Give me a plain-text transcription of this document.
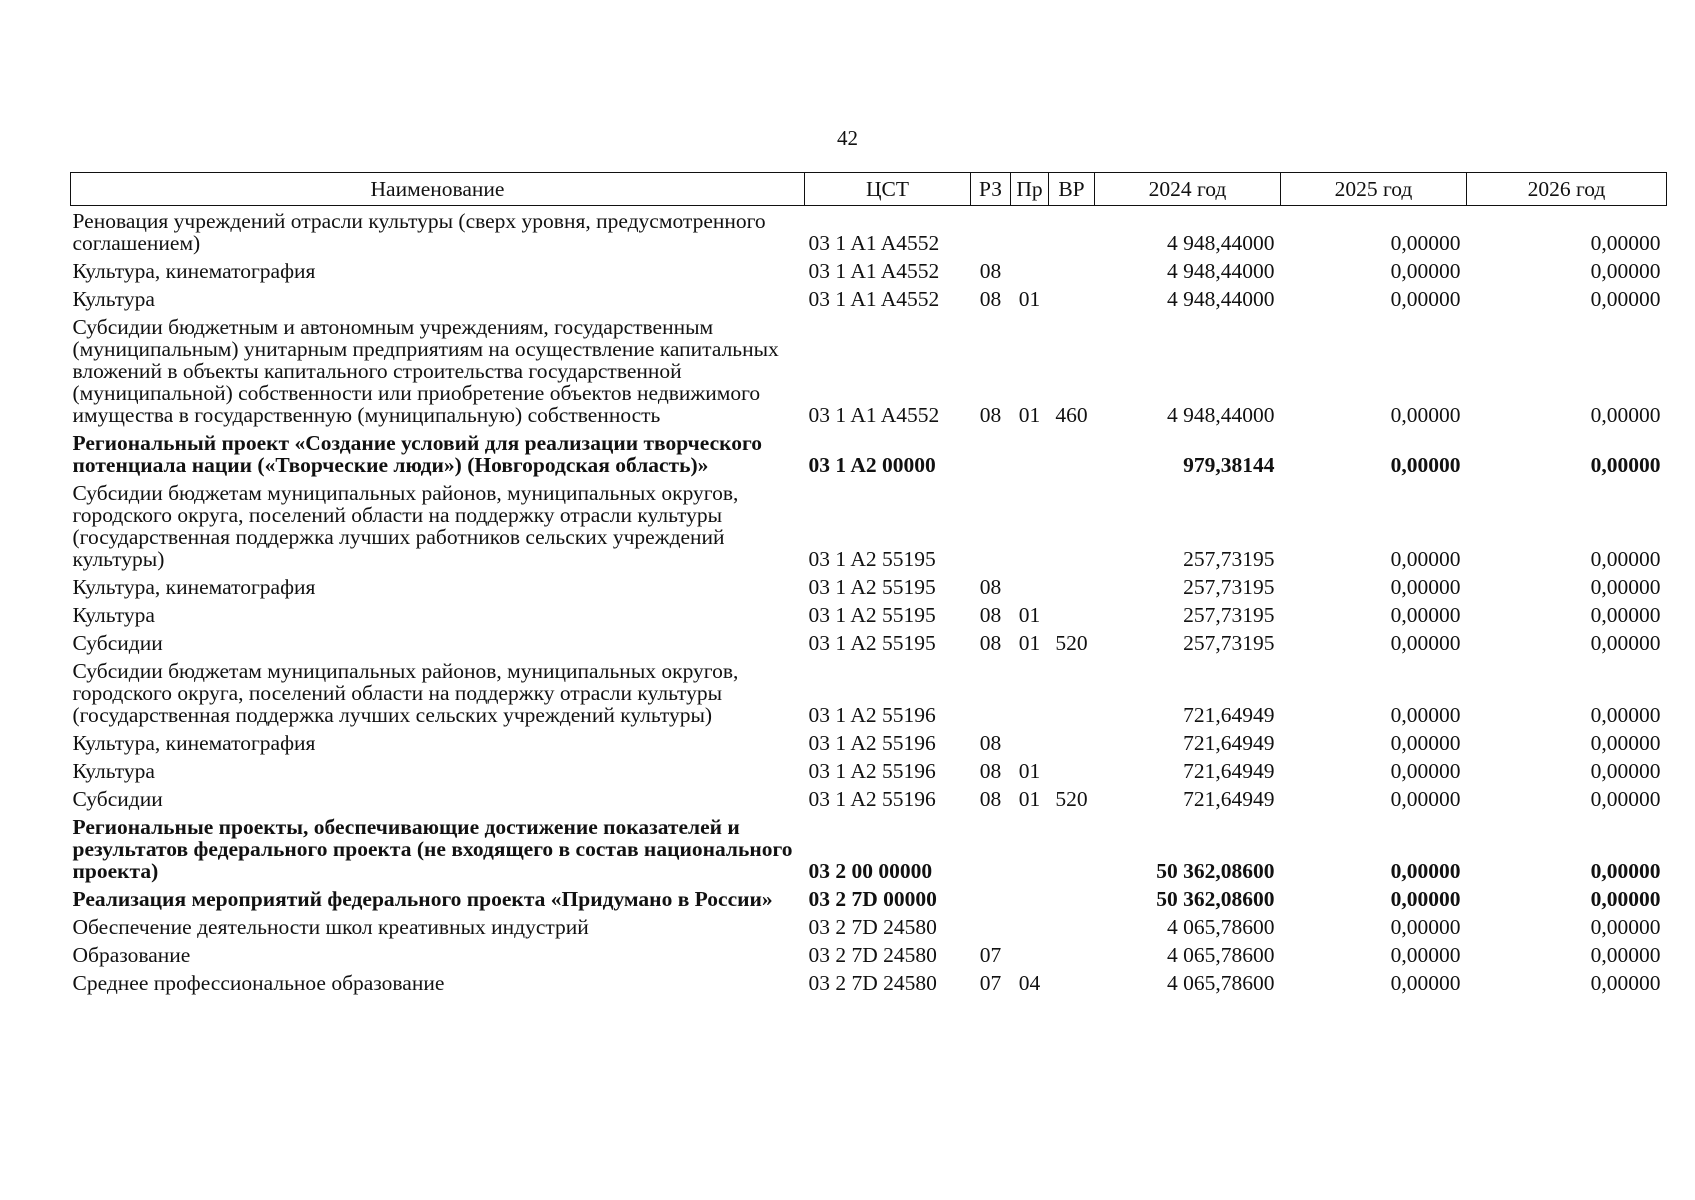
42
Наименование	ЦСТ	РЗ	Пр	ВР	2024 год	2025 год	2026 год
Реновация учреждений отрасли культуры (сверх уровня, предусмотренного соглашением)	03 1 A1 A4552				4 948,44000	0,00000	0,00000
Культура, кинематография	03 1 A1 A4552	08			4 948,44000	0,00000	0,00000
Культура	03 1 A1 A4552	08	01		4 948,44000	0,00000	0,00000
Субсидии бюджетным и автономным учреждениям, государственным (муниципальным) унитарным предприятиям на осуществление капитальных вложений в объекты капитального строительства государственной (муниципальной) собственности или приобретение объектов недвижимого имущества в государственную (муниципальную) собственность	03 1 A1 A4552	08	01	460	4 948,44000	0,00000	0,00000
Региональный проект «Создание условий для реализации творческого потенциала нации («Творческие люди») (Новгородская область)»	03 1 A2 00000				979,38144	0,00000	0,00000
Субсидии бюджетам муниципальных районов, муниципальных округов, городского округа, поселений области на поддержку отрасли культуры (государственная поддержка лучших работников сельских учреждений культуры)	03 1 A2 55195				257,73195	0,00000	0,00000
Культура, кинематография	03 1 A2 55195	08			257,73195	0,00000	0,00000
Культура	03 1 A2 55195	08	01		257,73195	0,00000	0,00000
Субсидии	03 1 A2 55195	08	01	520	257,73195	0,00000	0,00000
Субсидии бюджетам муниципальных районов, муниципальных округов, городского округа, поселений области на поддержку отрасли культуры (государственная поддержка лучших сельских учреждений культуры)	03 1 A2 55196				721,64949	0,00000	0,00000
Культура, кинематография	03 1 A2 55196	08			721,64949	0,00000	0,00000
Культура	03 1 A2 55196	08	01		721,64949	0,00000	0,00000
Субсидии	03 1 A2 55196	08	01	520	721,64949	0,00000	0,00000
Региональные проекты, обеспечивающие достижение показателей и результатов федерального проекта (не входящего в состав национального проекта)	03 2 00 00000				50 362,08600	0,00000	0,00000
Реализация мероприятий федерального проекта «Придумано в России»	03 2 7D 00000				50 362,08600	0,00000	0,00000
Обеспечение деятельности школ креативных индустрий	03 2 7D 24580				4 065,78600	0,00000	0,00000
Образование	03 2 7D 24580	07			4 065,78600	0,00000	0,00000
Среднее профессиональное образование	03 2 7D 24580	07	04		4 065,78600	0,00000	0,00000
